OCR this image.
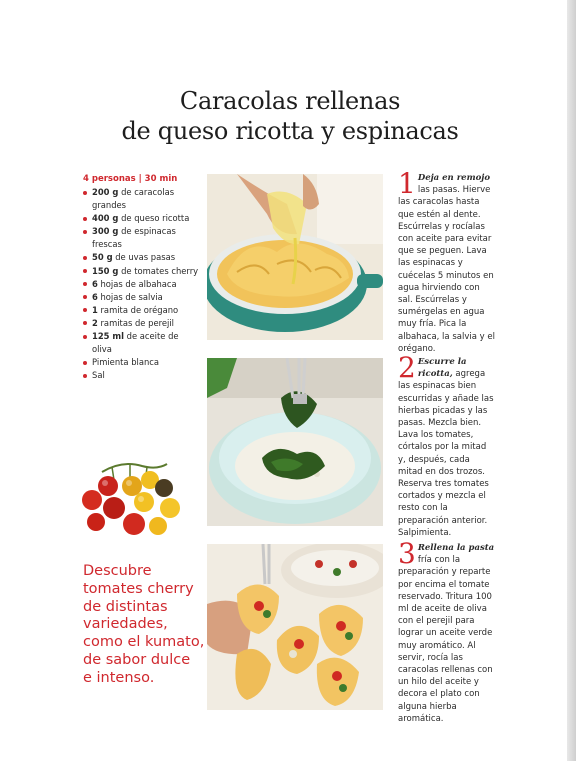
Caracolas rellenas
de queso ricotta y espinacas
4 personas | 30 min
200 g de caracolas grandes
400 g de queso ricotta
300 g de espinacas frescas
50 g de uvas pasas
150 g de tomates cherry
6 hojas de albahaca
6 hojas de salvia
1 ramita de orégano
2 ramitas de perejil
125 ml de aceite de oliva
Pimienta blanca
Sal
Descubre
tomates cherry
de distintas
variedades,
como el kumato,
de sabor dulce
e intenso.
1 Deja en remojo las pasas. Hierve las caracolas hasta que estén al dente. Escúrrelas y rocíalas con aceite para evitar que se peguen. Lava las espinacas y cuécelas 5 minutos en agua hirviendo con sal. Escúrrelas y sumérgelas en agua muy fría. Pica la albahaca, la salvia y el orégano.
2 Escurre la ricotta, agrega las espinacas bien escurridas y añade las hierbas picadas y las pasas. Mezcla bien. Lava los tomates, córtalos por la mitad y, después, cada mitad en dos trozos. Reserva tres tomates cortados y mezcla el resto con la preparación anterior. Salpimienta.
3 Rellena la pasta fría con la preparación y reparte por encima el tomate reservado. Tritura 100 ml de aceite de oliva con el perejil para lograr un aceite verde muy aromático. Al servir, rocía las caracolas rellenas con un hilo del aceite y decora el plato con alguna hierba aromática.
